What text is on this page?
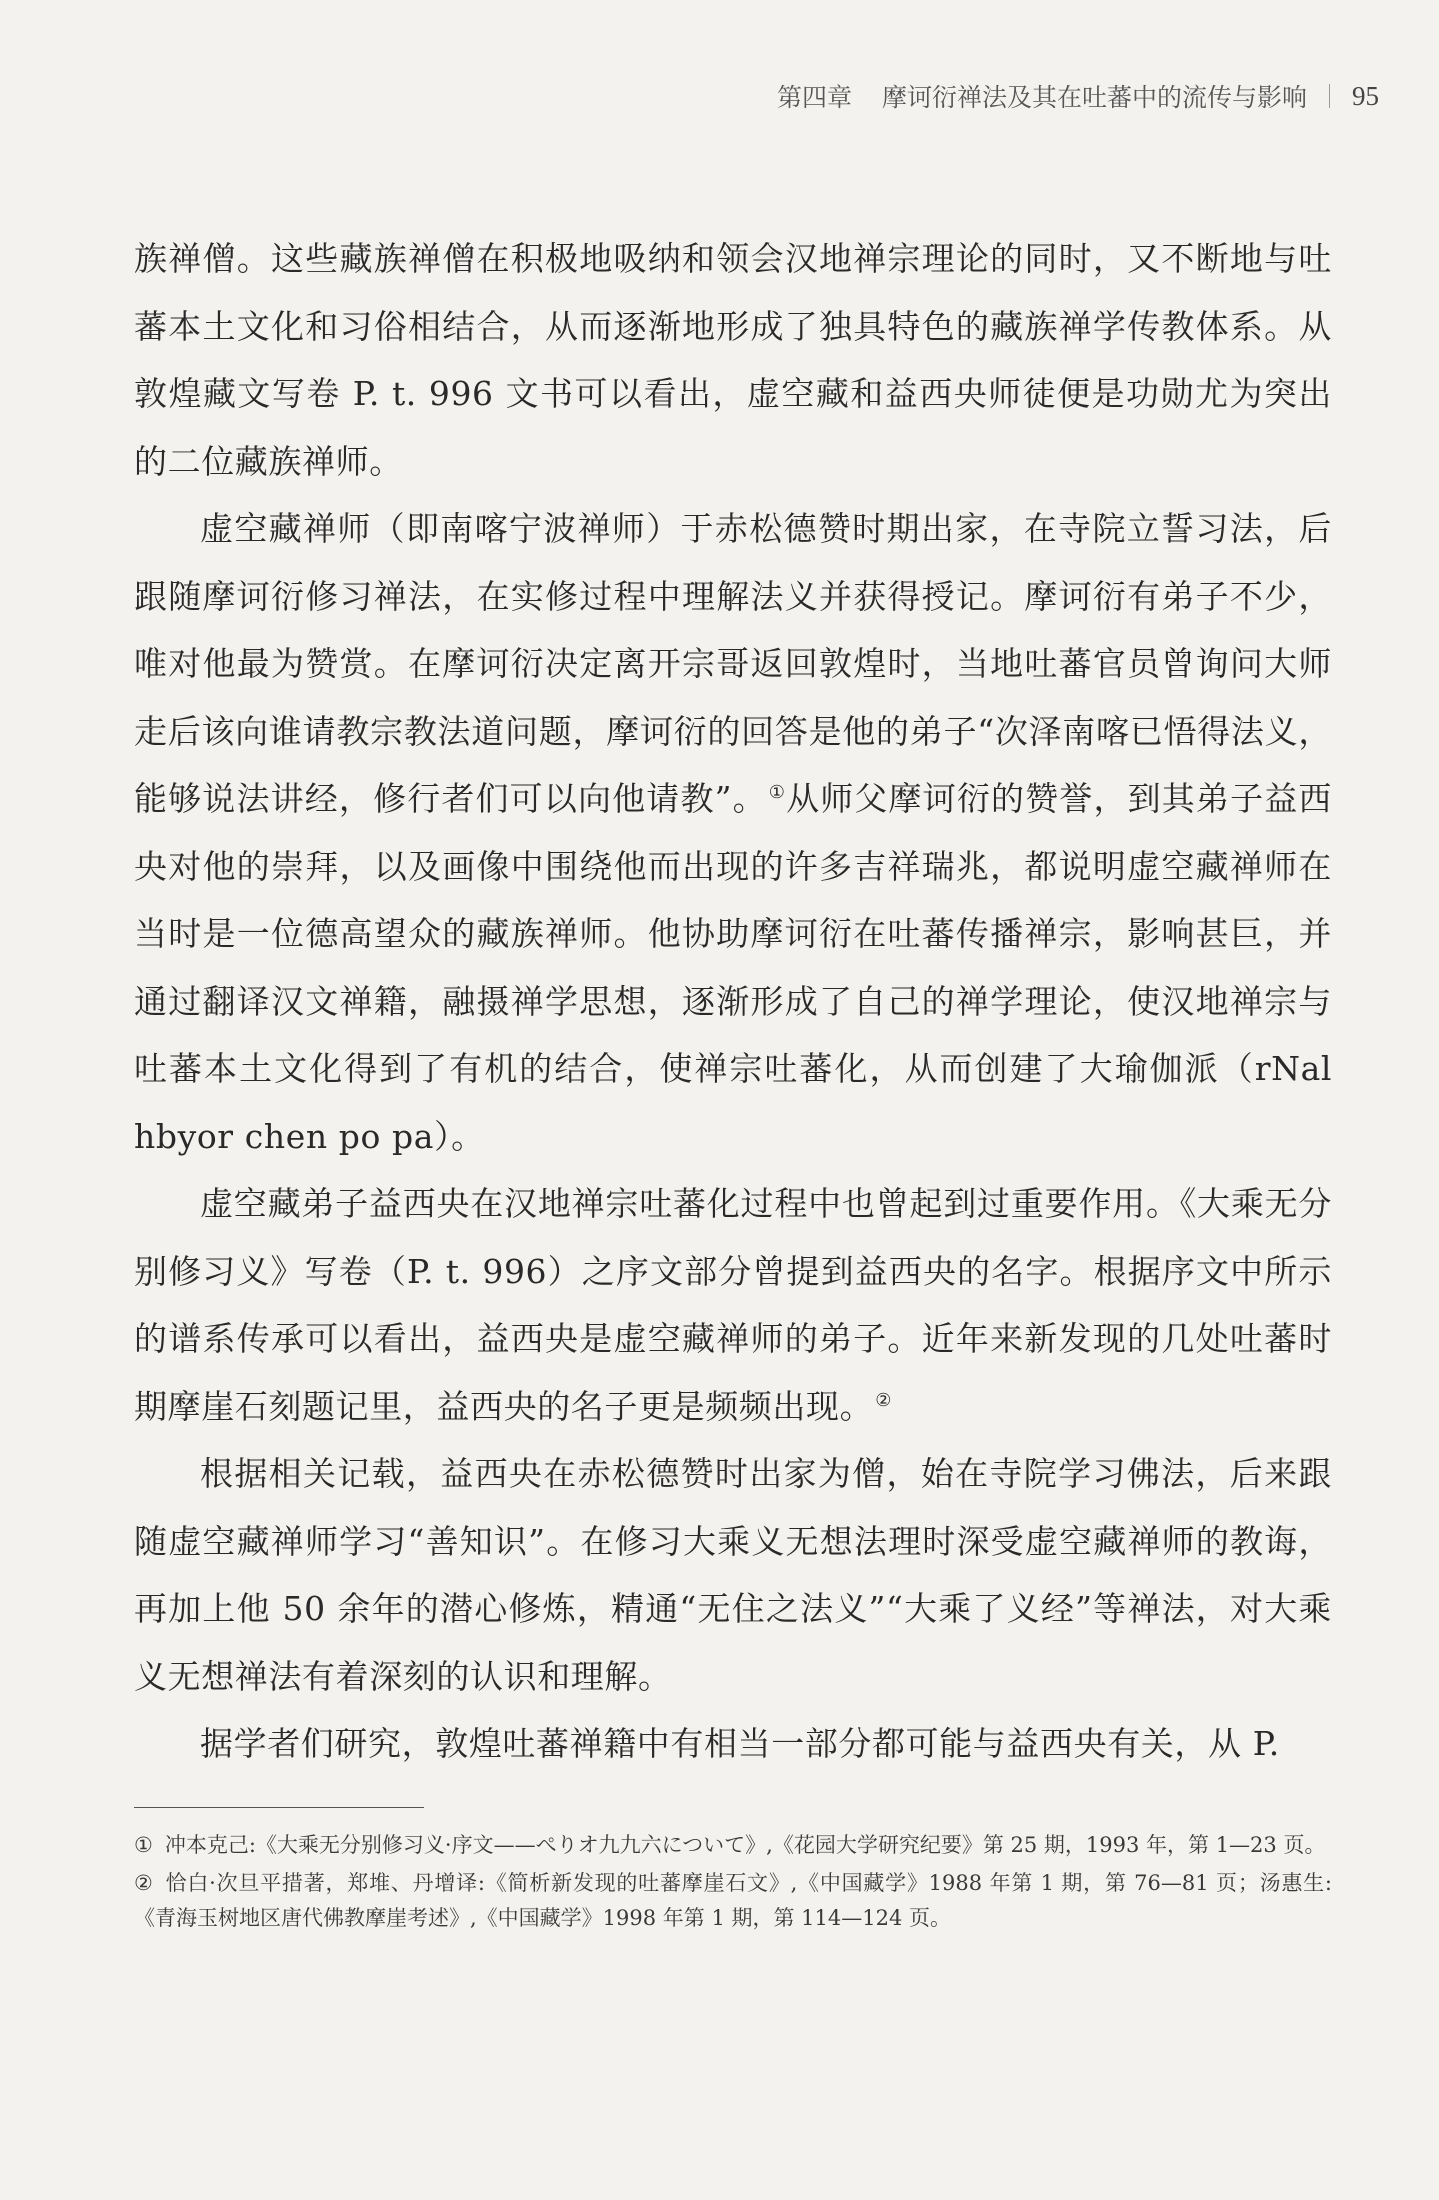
第四章 摩诃衍禅法及其在吐蕃中的流传与影响 95

族禅僧。这些藏族禅僧在积极地吸纳和领会汉地禅宗理论的同时，又不断地与吐蕃本土文化和习俗相结合，从而逐渐地形成了独具特色的藏族禅学传教体系。从敦煌藏文写卷 P. t. 996 文书可以看出，虚空藏和益西央师徒便是功勋尤为突出的二位藏族禅师。

虚空藏禅师（即南喀宁波禅师）于赤松德赞时期出家，在寺院立誓习法，后跟随摩诃衍修习禅法，在实修过程中理解法义并获得授记。摩诃衍有弟子不少，唯对他最为赞赏。在摩诃衍决定离开宗哥返回敦煌时，当地吐蕃官员曾询问大师走后该向谁请教宗教法道问题，摩诃衍的回答是他的弟子“次泽南喀已悟得法义，能够说法讲经，修行者们可以向他请教”。 ①从师父摩诃衍的赞誉，到其弟子益西央对他的崇拜，以及画像中围绕他而出现的许多吉祥瑞兆，都说明虚空藏禅师在当时是一位德高望众的藏族禅师。他协助摩诃衍在吐蕃传播禅宗，影响甚巨，并通过翻译汉文禅籍，融摄禅学思想，逐渐形成了自己的禅学理论，使汉地禅宗与吐蕃本土文化得到了有机的结合，使禅宗吐蕃化，从而创建了大瑜伽派（rNal hbyor chen po pa）。

虚空藏弟子益西央在汉地禅宗吐蕃化过程中也曾起到过重要作用。《大乘无分别修习义》写卷（P. t. 996）之序文部分曾提到益西央的名字。根据序文中所示的谱系传承可以看出，益西央是虚空藏禅师的弟子。近年来新发现的几处吐蕃时期摩崖石刻题记里，益西央的名子更是频频出现。 ②

根据相关记载，益西央在赤松德赞时出家为僧，始在寺院学习佛法，后来跟随虚空藏禅师学习“善知识”。在修习大乘义无想法理时深受虚空藏禅师的教诲，再加上他 50 余年的潜心修炼，精通“无住之法义”“大乘了义经”等禅法，对大乘义无想禅法有着深刻的认识和理解。

据学者们研究，敦煌吐蕃禅籍中有相当一部分都可能与益西央有关，从 P.

① 冲本克己:《大乘无分别修习义·序文——ぺりオ九九六について》,《花园大学研究纪要》第 25 期，1993 年，第 1—23 页。

② 恰白·次旦平措著，郑堆、丹增译:《简析新发现的吐蕃摩崖石文》,《中国藏学》1988 年第 1 期，第 76—81 页；汤惠生:《青海玉树地区唐代佛教摩崖考述》,《中国藏学》1998 年第 1 期，第 114—124 页。
